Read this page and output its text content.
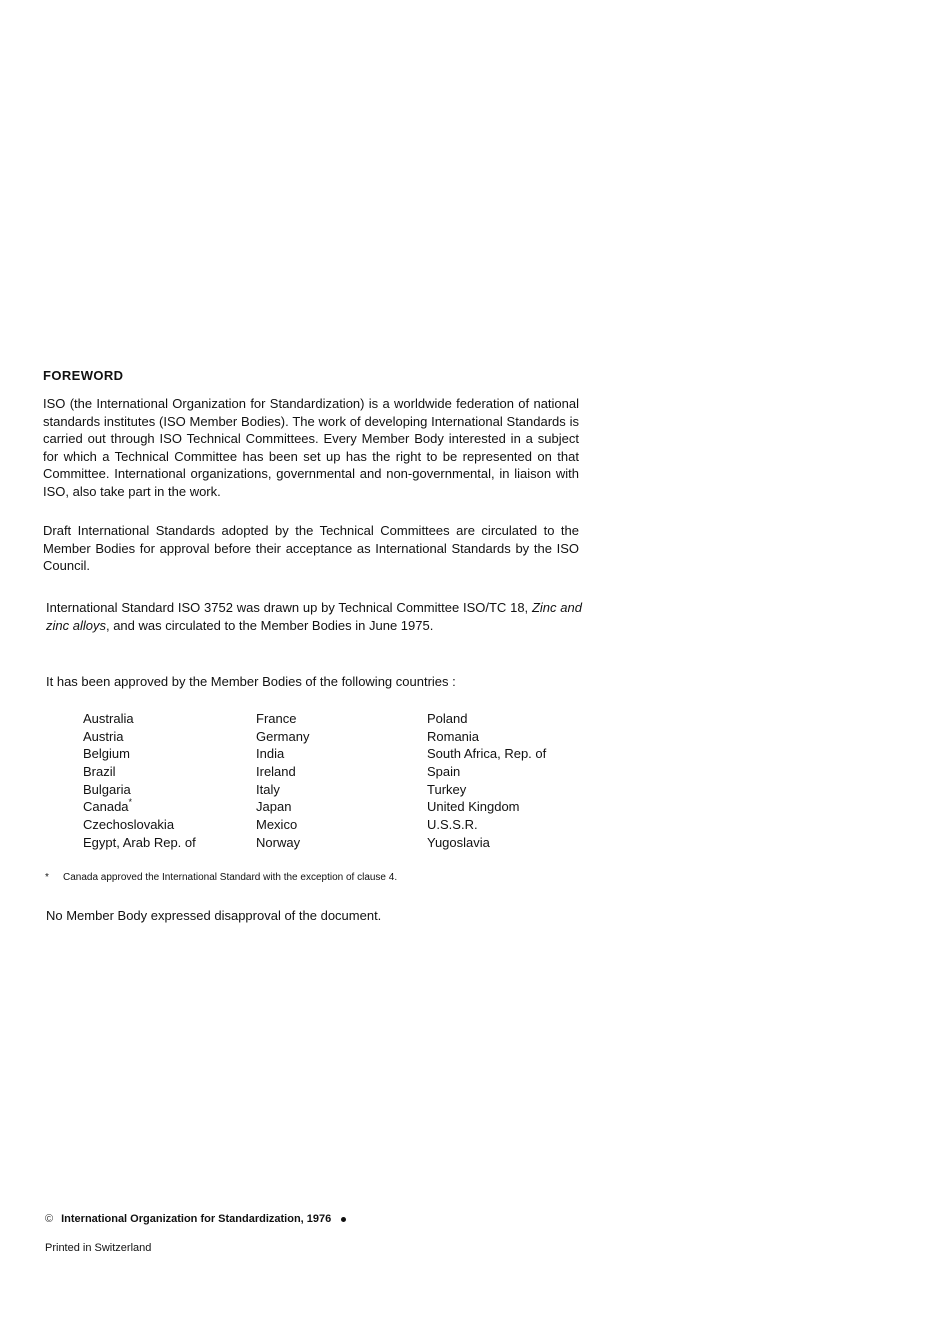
FOREWORD

ISO (the International Organization for Standardization) is a worldwide federation of national standards institutes (ISO Member Bodies). The work of developing International Standards is carried out through ISO Technical Committees. Every Member Body interested in a subject for which a Technical Committee has been set up has the right to be represented on that Committee. International organizations, governmental and non-governmental, in liaison with ISO, also take part in the work.

Draft International Standards adopted by the Technical Committees are circulated to the Member Bodies for approval before their acceptance as International Standards by the ISO Council.

International Standard ISO 3752 was drawn up by Technical Committee ISO/TC 18, Zinc and zinc alloys, and was circulated to the Member Bodies in June 1975.

It has been approved by the Member Bodies of the following countries :

Australia	France	Poland
Austria	Germany	Romania
Belgium	India	South Africa, Rep. of
Brazil	Ireland	Spain
Bulgaria	Italy	Turkey
Canada*	Japan	United Kingdom
Czechoslovakia	Mexico	U.S.S.R.
Egypt, Arab Rep. of	Norway	Yugoslavia
* Canada approved the International Standard with the exception of clause 4.
No Member Body expressed disapproval of the document.
© International Organization for Standardization, 1976
Printed in Switzerland
